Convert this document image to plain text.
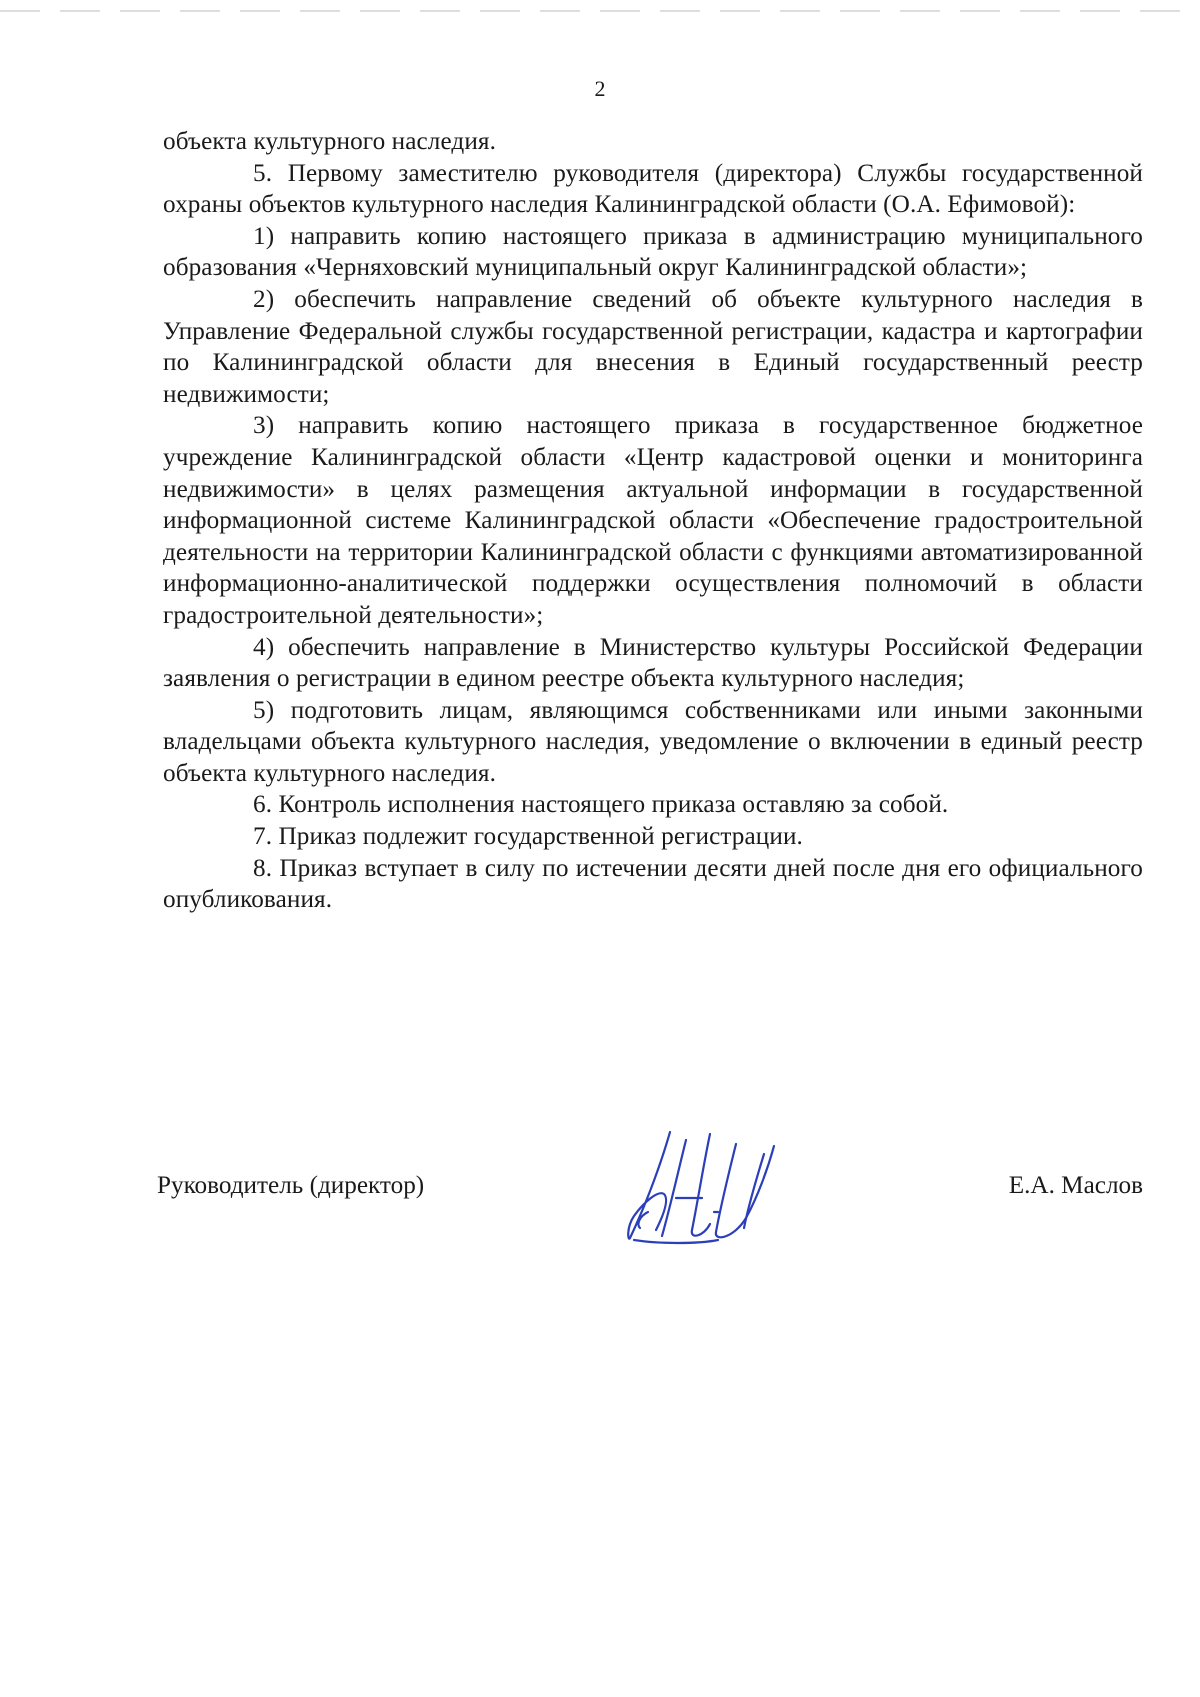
2

объекта культурного наследия.

5. Первому заместителю руководителя (директора) Службы государственной охраны объектов культурного наследия Калининградской области (О.А. Ефимовой):

1) направить копию настоящего приказа в администрацию муниципального образования «Черняховский муниципальный округ Калининградской области»;

2) обеспечить направление сведений об объекте культурного наследия в Управление Федеральной службы государственной регистрации, кадастра и картографии по Калининградской области для внесения в Единый государственный реестр недвижимости;

3) направить копию настоящего приказа в государственное бюджетное учреждение Калининградской области «Центр кадастровой оценки и мониторинга недвижимости» в целях размещения актуальной информации в государственной информационной системе Калининградской области «Обеспечение градостроительной деятельности на территории Калининградской области с функциями автоматизированной информационно-аналитической поддержки осуществления полномочий в области градостроительной деятельности»;

4) обеспечить направление в Министерство культуры Российской Федерации заявления о регистрации в едином реестре объекта культурного наследия;

5) подготовить лицам, являющимся собственниками или иными законными владельцами объекта культурного наследия, уведомление о включении в единый реестр объекта культурного наследия.

6. Контроль исполнения настоящего приказа оставляю за собой.

7. Приказ подлежит государственной регистрации.

8. Приказ вступает в силу по истечении десяти дней после дня его официального опубликования.

Руководитель (директор)	Е.А. Маслов
